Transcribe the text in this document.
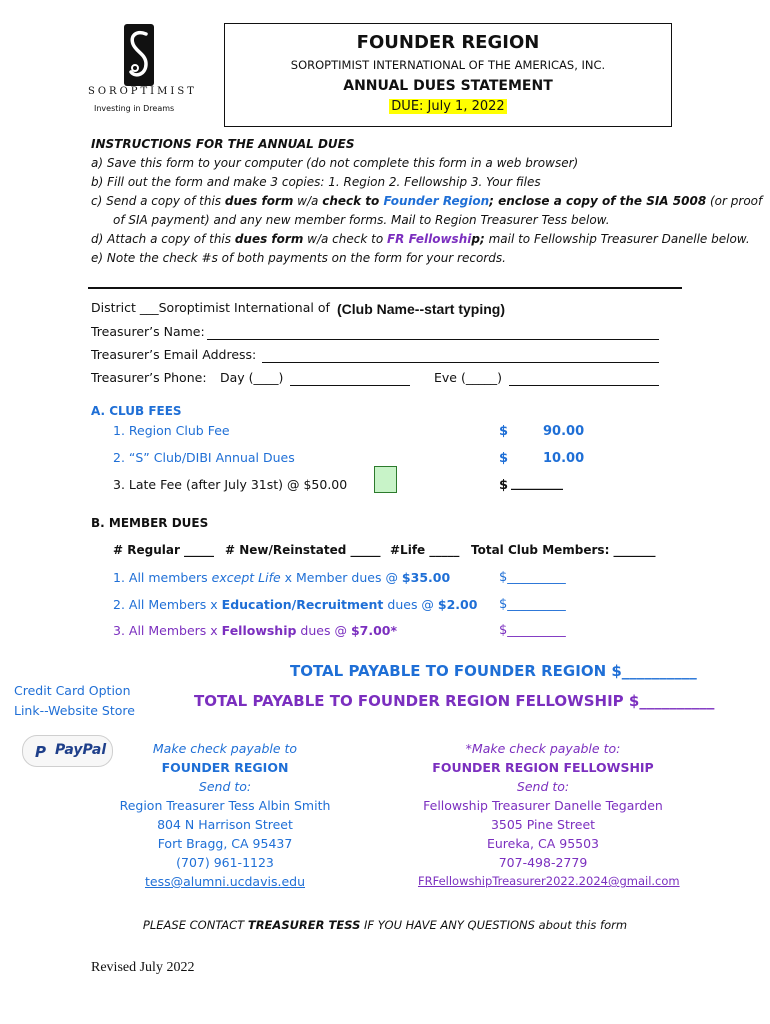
SOROPTIMIST
Investing in Dreams
FOUNDER REGION
SOROPTIMIST INTERNATIONAL OF THE AMERICAS, INC.
ANNUAL DUES STATEMENT
DUE: July 1, 2022
INSTRUCTIONS FOR THE ANNUAL DUES
a) Save this form to your computer (do not complete this form in a web browser)
b) Fill out the form and make 3 copies: 1. Region 2. Fellowship 3. Your files
c) Send a copy of this dues form w/a check to Founder Region; enclose a copy of the SIA 5008 (or proof
of SIA payment) and any new member forms. Mail to Region Treasurer Tess below.
d) Attach a copy of this dues form w/a check to FR Fellowship; mail to Fellowship Treasurer Danelle below.
e) Note the check #s of both payments on the form for your records.
District ___Soroptimist International of (Club Name--start typing)
Treasurer’s Name:
Treasurer’s Email Address:
Treasurer’s Phone: Day (____)	Eve (_____)
A. CLUB FEES
1. Region Club Fee	$	90.00
2. “S” Club/DIBI Annual Dues	$	10.00
3. Late Fee (after July 31st) @ $50.00	$ ________
B. MEMBER DUES
# Regular _____ # New/Reinstated _____ #Life _____ Total Club Members: _______
1. All members except Life x Member dues @ $35.00	$_________
2. All Members x Education/Recruitment dues @ $2.00 $_________
3. All Members x Fellowship dues @ $7.00*	$_________
TOTAL PAYABLE TO FOUNDER REGION $__________
TOTAL PAYABLE TO FOUNDER REGION FELLOWSHIP $__________
Credit Card Option
Link--Website Store
P PayPal	Make check payable to
FOUNDER REGION
Send to:
Region Treasurer Tess Albin Smith
804 N Harrison Street
Fort Bragg, CA 95437
(707) 961-1123
tess@alumni.ucdavis.edu
*Make check payable to:
FOUNDER REGION FELLOWSHIP
Send to:
Fellowship Treasurer Danelle Tegarden
3505 Pine Street
Eureka, CA 95503
707-498-2779
FRFellowshipTreasurer2022.2024@gmail.com
PLEASE CONTACT TREASURER TESS IF YOU HAVE ANY QUESTIONS about this form
Revised July 2022
